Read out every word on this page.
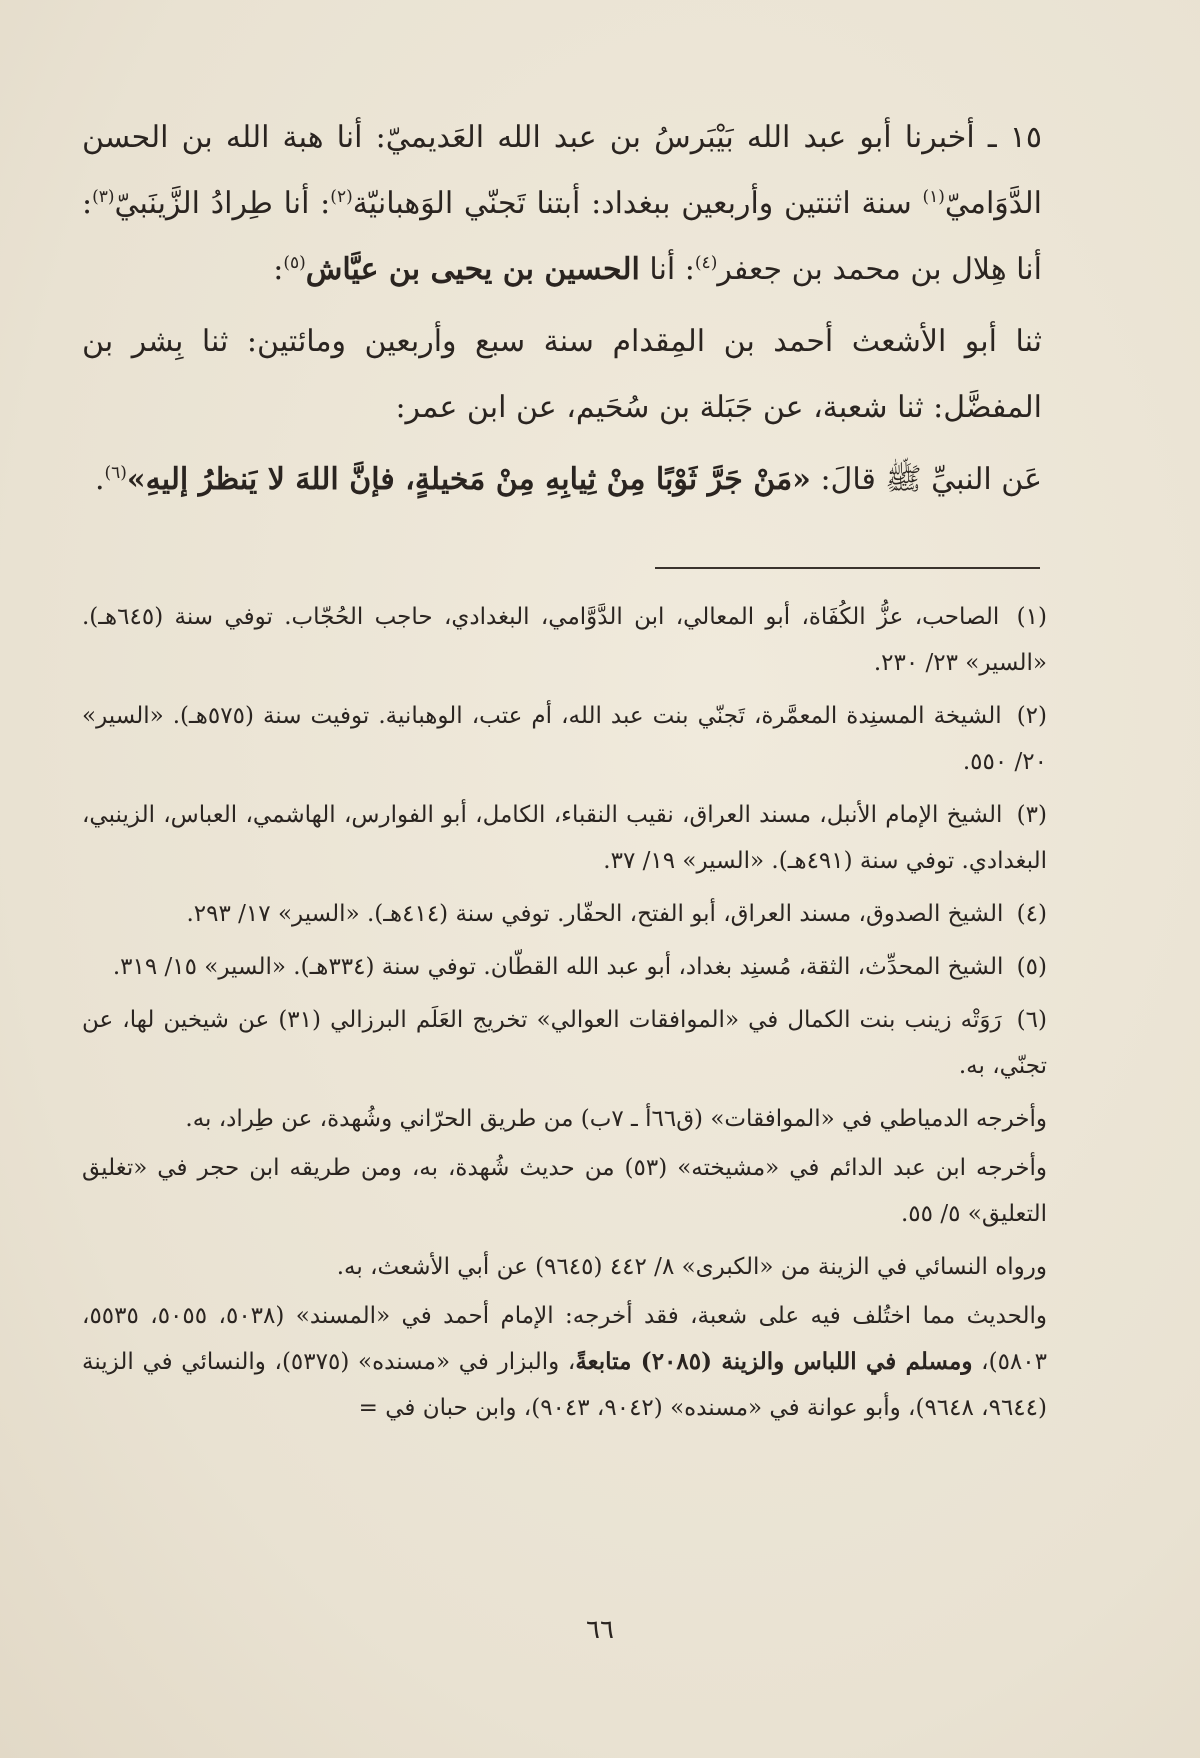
١٥ ـ أخبرنا أبو عبد الله بَيْبَرسُ بن عبد الله العَديميّ: أنا هبة الله بن الحسن الدَّوَاميّ$^{(١)}$ سنة اثنتين وأربعين ببغداد: أبتنا تَجنّي الوَهبانيّة$^{(٢)}$: أنا طِرادُ الزَّينَبيّ$^{(٣)}$: أنا هِلال بن محمد بن جعفر$^{(٤)}$: أنا الحسين بن يحيى بن عيَّاش$^{(٥)}$:

ثنا أبو الأشعث أحمد بن المِقدام سنة سبع وأربعين ومائتين: ثنا بِشر بن المفضَّل: ثنا شعبة، عن جَبَلة بن سُحَيم، عن ابن عمر:

عَن النبيِّ ﷺ قالَ: «مَنْ جَرَّ ثَوْبًا مِنْ ثِيابِهِ مِنْ مَخيلةٍ، فإنَّ اللهَ لا يَنظرُ إليهِ»$^{(٦)}$.

(١) الصاحب، عزُّ الكُفَاة، أبو المعالي، ابن الدَّوَّامي، البغدادي، حاجب الحُجّاب. توفي سنة (٦٤٥هـ). «السير» ٢٣/ ٢٣٠.

(٢) الشيخة المسنِدة المعمَّرة، تَجنّي بنت عبد الله، أم عتب، الوهبانية. توفيت سنة (٥٧٥هـ). «السير» ٢٠/ ٥٥٠.

(٣) الشيخ الإمام الأنبل، مسند العراق، نقيب النقباء، الكامل، أبو الفوارس، الهاشمي، العباس، الزينبي، البغدادي. توفي سنة (٤٩١هـ). «السير» ١٩/ ٣٧.

(٤) الشيخ الصدوق، مسند العراق، أبو الفتح، الحفّار. توفي سنة (٤١٤هـ). «السير» ١٧/ ٢٩٣.

(٥) الشيخ المحدِّث، الثقة، مُسنِد بغداد، أبو عبد الله القطّان. توفي سنة (٣٣٤هـ). «السير» ١٥/ ٣١٩.

(٦) رَوَتْه زينب بنت الكمال في «الموافقات العوالي» تخريج العَلَم البرزالي (٣١) عن شيخين لها، عن تجنّي، به.

وأخرجه الدمياطي في «الموافقات» (ق٦٦أ ـ ٧ب) من طريق الحرّاني وشُهدة، عن طِراد، به.

وأخرجه ابن عبد الدائم في «مشيخته» (٥٣) من حديث شُهدة، به، ومن طريقه ابن حجر في «تغليق التعليق» ٥/ ٥٥.

ورواه النسائي في الزينة من «الكبرى» ٨/ ٤٤٢ (٩٦٤٥) عن أبي الأشعث، به.

والحديث مما اختُلف فيه على شعبة، فقد أخرجه: الإمام أحمد في «المسند» (٥٠٣٨، ٥٠٥٥، ٥٥٣٥، ٥٨٠٣)، ومسلم في اللباس والزينة (٢٠٨٥) متابعةً، والبزار في «مسنده» (٥٣٧٥)، والنسائي في الزينة (٩٦٤٤، ٩٦٤٨)، وأبو عوانة في «مسنده» (٩٠٤٢، ٩٠٤٣)، وابن حبان في =

٦٦
